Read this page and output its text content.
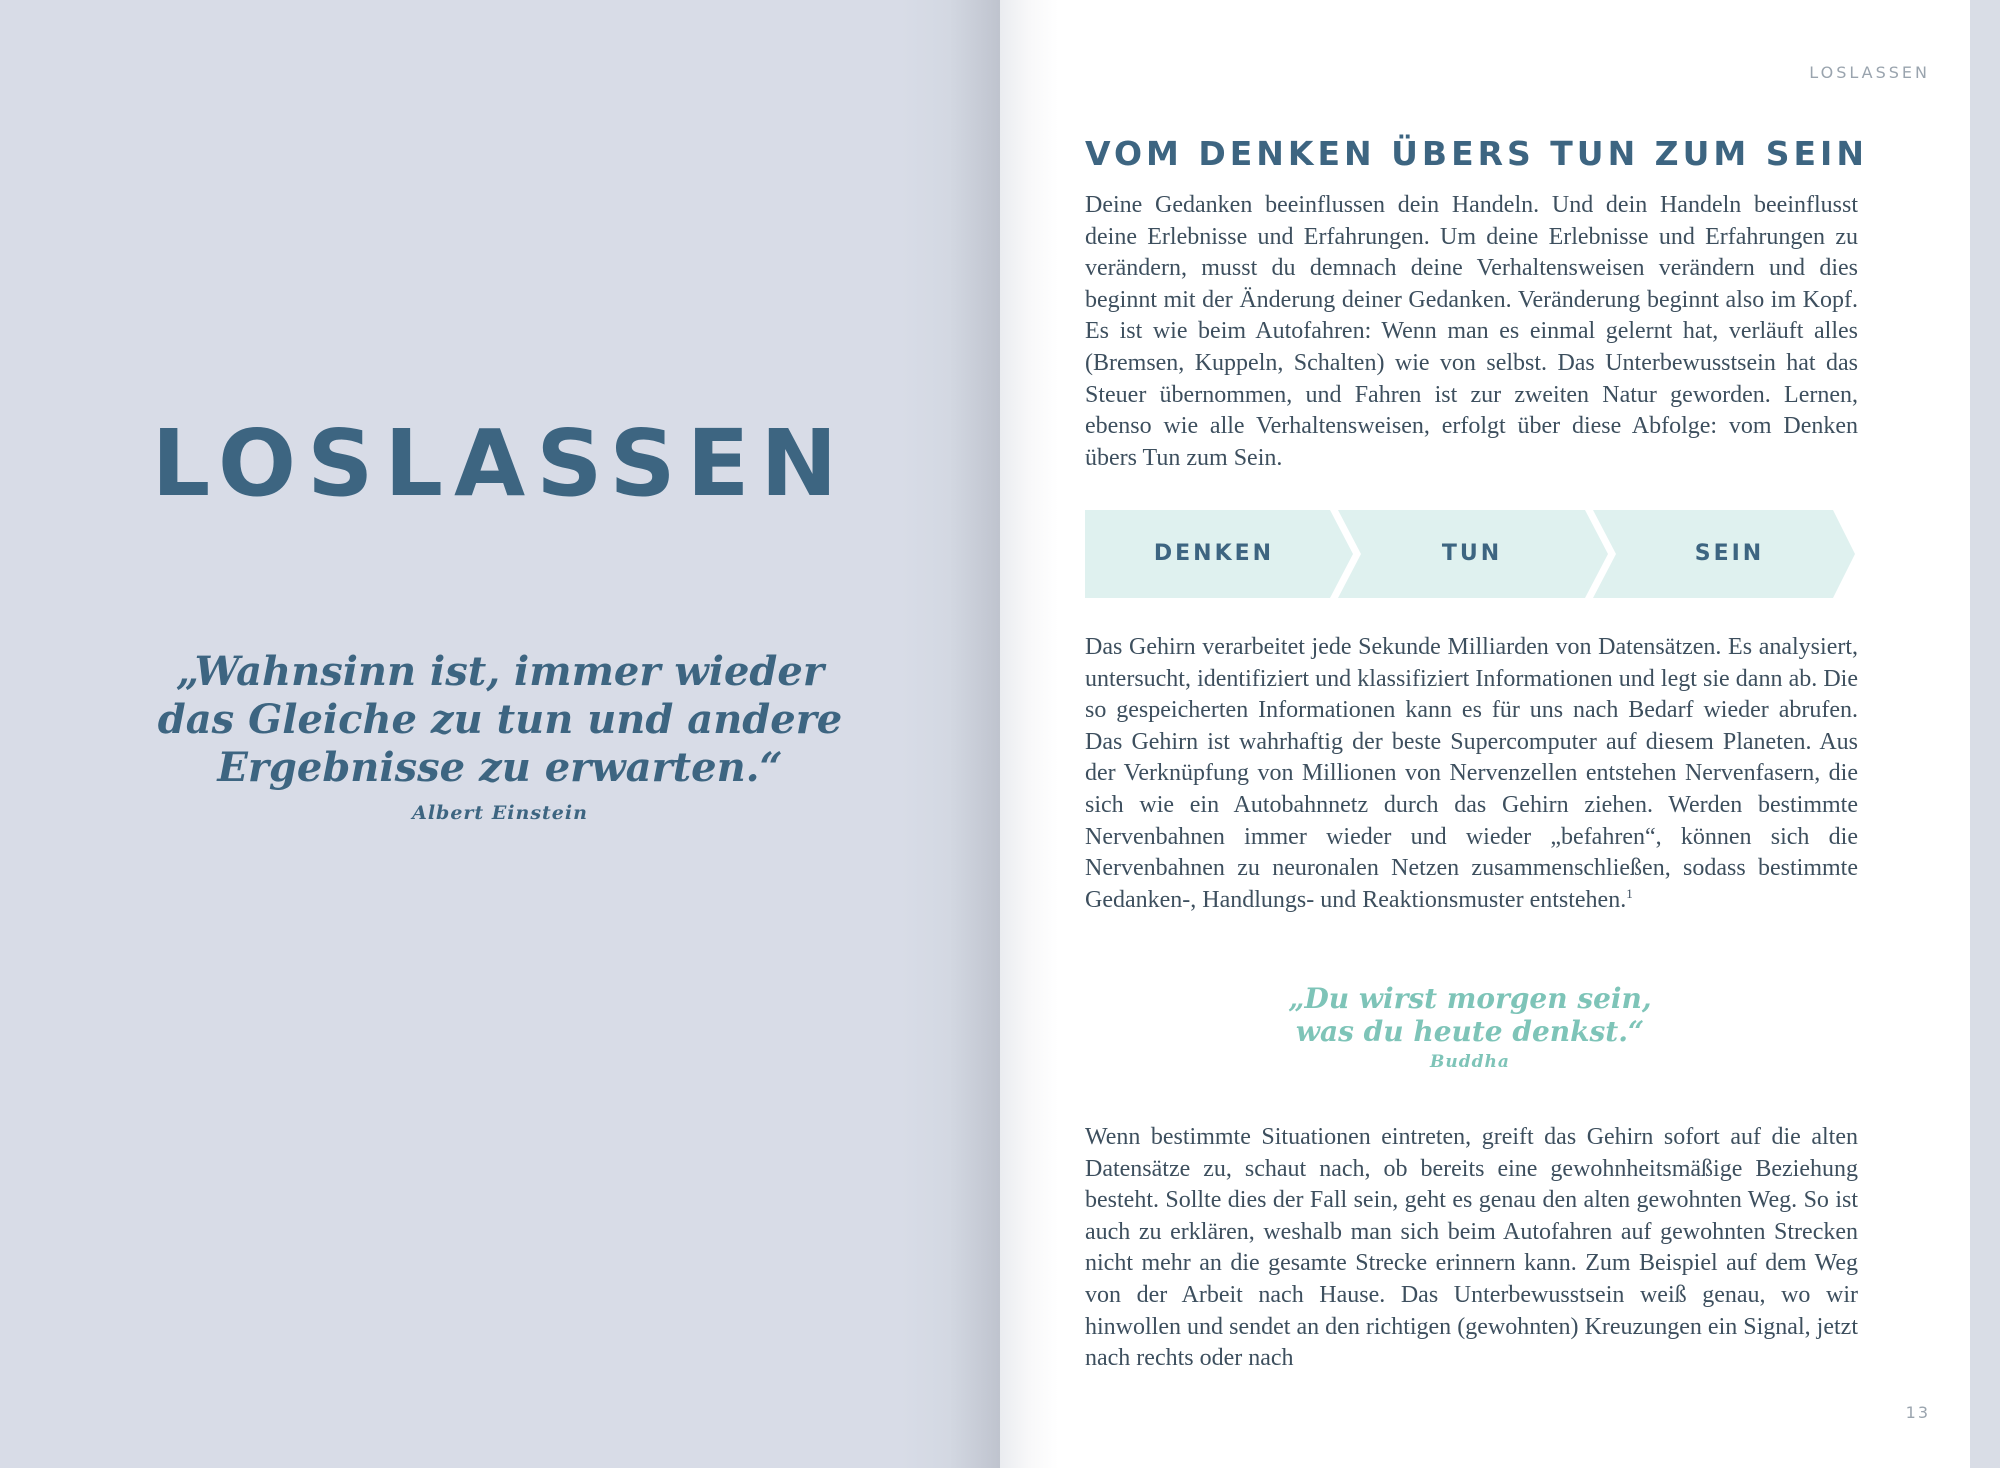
LOSLASSEN

„Wahnsinn ist, immer wieder
das Gleiche zu tun und andere
Ergebnisse zu erwarten.“

Albert Einstein
LOSLASSEN
VOM DENKEN ÜBERS TUN ZUM SEIN

Deine Gedanken beeinflussen dein Handeln. Und dein Handeln beeinflusst deine Erlebnisse und Erfahrungen. Um deine Erlebnisse und Erfahrungen zu verändern, musst du demnach deine Verhaltensweisen verändern und dies beginnt mit der Änderung deiner Gedanken. Veränderung beginnt also im Kopf. Es ist wie beim Autofahren: Wenn man es einmal gelernt hat, verläuft alles (Bremsen, Kuppeln, Schalten) wie von selbst. Das Unterbewusstsein hat das Steuer übernommen, und Fahren ist zur zweiten Natur geworden. Lernen, ebenso wie alle Verhaltensweisen, erfolgt über diese Abfolge: vom Denken übers Tun zum Sein.

DENKEN	TUN	SEIN

Das Gehirn verarbeitet jede Sekunde Milliarden von Datensätzen. Es analysiert, untersucht, identifiziert und klassifiziert Informationen und legt sie dann ab. Die so gespeicherten Informationen kann es für uns nach Bedarf wieder abrufen. Das Gehirn ist wahrhaftig der beste Supercomputer auf diesem Planeten. Aus der Verknüpfung von Millionen von Nervenzellen entstehen Nervenfasern, die sich wie ein Autobahnnetz durch das Gehirn ziehen. Werden bestimmte Nervenbahnen immer wieder und wieder „befahren“, können sich die Nervenbahnen zu neuronalen Netzen zusammenschließen, sodass bestimmte Gedanken-, Handlungs- und Reaktionsmuster entstehen.$^1$

„Du wirst morgen sein,
was du heute denkst.“

Buddha

Wenn bestimmte Situationen eintreten, greift das Gehirn sofort auf die alten Datensätze zu, schaut nach, ob bereits eine gewohnheitsmäßige Beziehung besteht. Sollte dies der Fall sein, geht es genau den alten gewohnten Weg. So ist auch zu erklären, weshalb man sich beim Autofahren auf gewohnten Strecken nicht mehr an die gesamte Strecke erinnern kann. Zum Beispiel auf dem Weg von der Arbeit nach Hause. Das Unterbewusstsein weiß genau, wo wir hinwollen und sendet an den richtigen (gewohnten) Kreuzungen ein Signal, jetzt nach rechts oder nach

13
